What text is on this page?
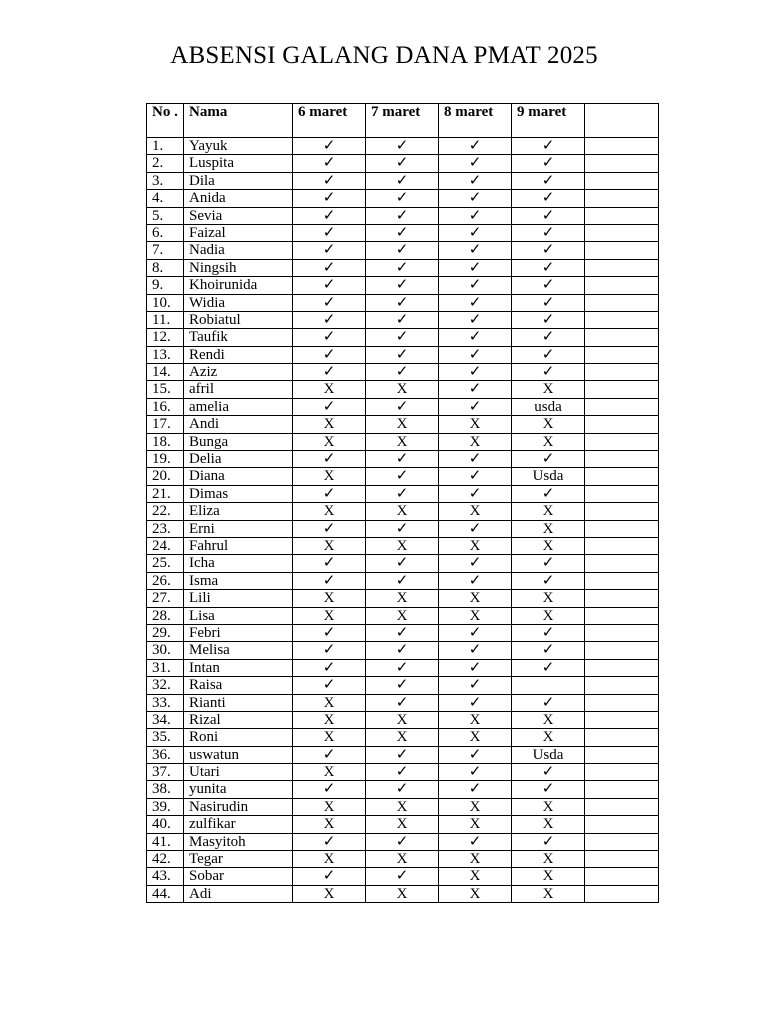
ABSENSI GALANG DANA PMAT 2025
No .	Nama	6 maret	7 maret	8 maret	9 maret	
1.	Yayuk	✓	✓	✓	✓	
2.	Luspita	✓	✓	✓	✓	
3.	Dila	✓	✓	✓	✓	
4.	Anida	✓	✓	✓	✓	
5.	Sevia	✓	✓	✓	✓	
6.	Faizal	✓	✓	✓	✓	
7.	Nadia	✓	✓	✓	✓	
8.	Ningsih	✓	✓	✓	✓	
9.	Khoirunida	✓	✓	✓	✓	
10.	Widia	✓	✓	✓	✓	
11.	Robiatul	✓	✓	✓	✓	
12.	Taufik	✓	✓	✓	✓	
13.	Rendi	✓	✓	✓	✓	
14.	Aziz	✓	✓	✓	✓	
15.	afril	X	X	✓	X	
16.	amelia	✓	✓	✓	usda	
17.	Andi	X	X	X	X	
18.	Bunga	X	X	X	X	
19.	Delia	✓	✓	✓	✓	
20.	Diana	X	✓	✓	Usda	
21.	Dimas	✓	✓	✓	✓	
22.	Eliza	X	X	X	X	
23.	Erni	✓	✓	✓	X	
24.	Fahrul	X	X	X	X	
25.	Icha	✓	✓	✓	✓	
26.	Isma	✓	✓	✓	✓	
27.	Lili	X	X	X	X	
28.	Lisa	X	X	X	X	
29.	Febri	✓	✓	✓	✓	
30.	Melisa	✓	✓	✓	✓	
31.	Intan	✓	✓	✓	✓	
32.	Raisa	✓	✓	✓		
33.	Rianti	X	✓	✓	✓	
34.	Rizal	X	X	X	X	
35.	Roni	X	X	X	X	
36.	uswatun	✓	✓	✓	Usda	
37.	Utari	X	✓	✓	✓	
38.	yunita	✓	✓	✓	✓	
39.	Nasirudin	X	X	X	X	
40.	zulfikar	X	X	X	X	
41.	Masyitoh	✓	✓	✓	✓	
42.	Tegar	X	X	X	X	
43.	Sobar	✓	✓	X	X	
44.	Adi	X	X	X	X	
